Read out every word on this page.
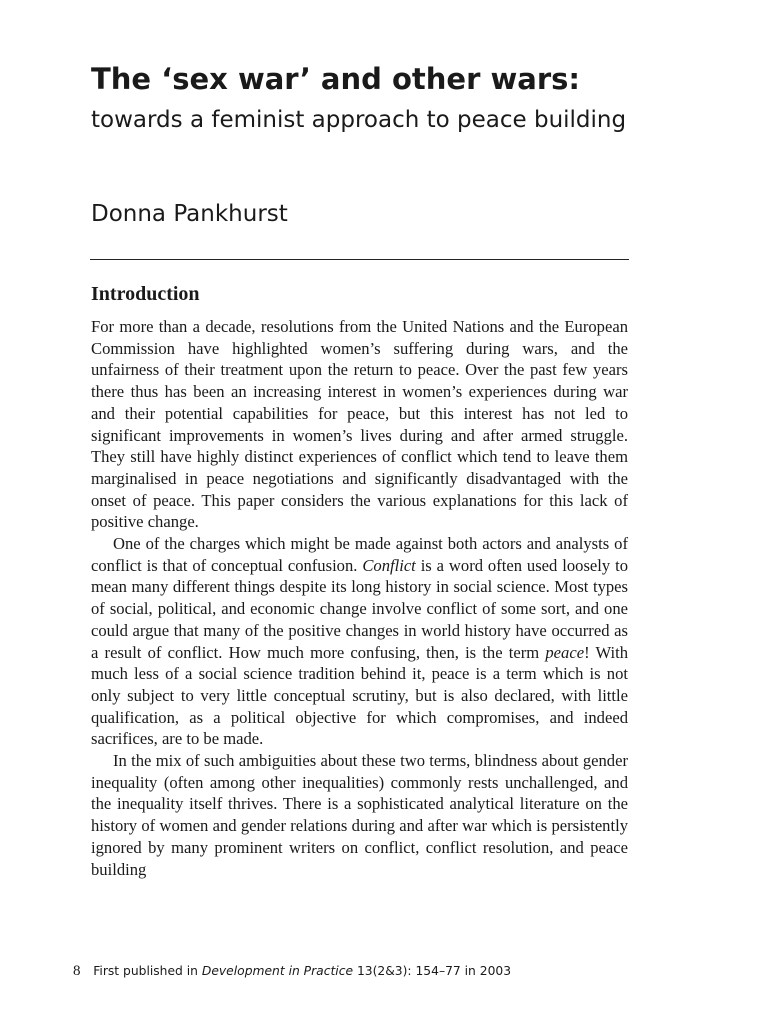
The ‘sex war’ and other wars:
towards a feminist approach to peace building
Donna Pankhurst
Introduction

For more than a decade, resolutions from the United Nations and the European Commission have highlighted women’s suffering during wars, and the unfairness of their treatment upon the return to peace. Over the past few years there thus has been an increasing interest in women’s experiences during war and their potential capabilities for peace, but this interest has not led to significant improvements in women’s lives during and after armed struggle. They still have highly distinct experiences of conflict which tend to leave them marginalised in peace negotiations and significantly disadvantaged with the onset of peace. This paper considers the various explanations for this lack of positive change.

One of the charges which might be made against both actors and analysts of conflict is that of conceptual confusion. Conflict is a word often used loosely to mean many different things despite its long history in social science. Most types of social, political, and economic change involve conflict of some sort, and one could argue that many of the positive changes in world history have occurred as a result of conflict. How much more confusing, then, is the term peace! With much less of a social science tradition behind it, peace is a term which is not only subject to very little conceptual scrutiny, but is also declared, with little qualification, as a political objective for which compromises, and indeed sacrifices, are to be made.

In the mix of such ambiguities about these two terms, blindness about gender inequality (often among other inequalities) commonly rests unchallenged, and the inequality itself thrives. There is a sophisticated analytical literature on the history of women and gender relations during and after war which is persistently ignored by many prominent writers on conflict, conflict resolution, and peace building

8 First published in Development in Practice 13(2&3): 154–77 in 2003
